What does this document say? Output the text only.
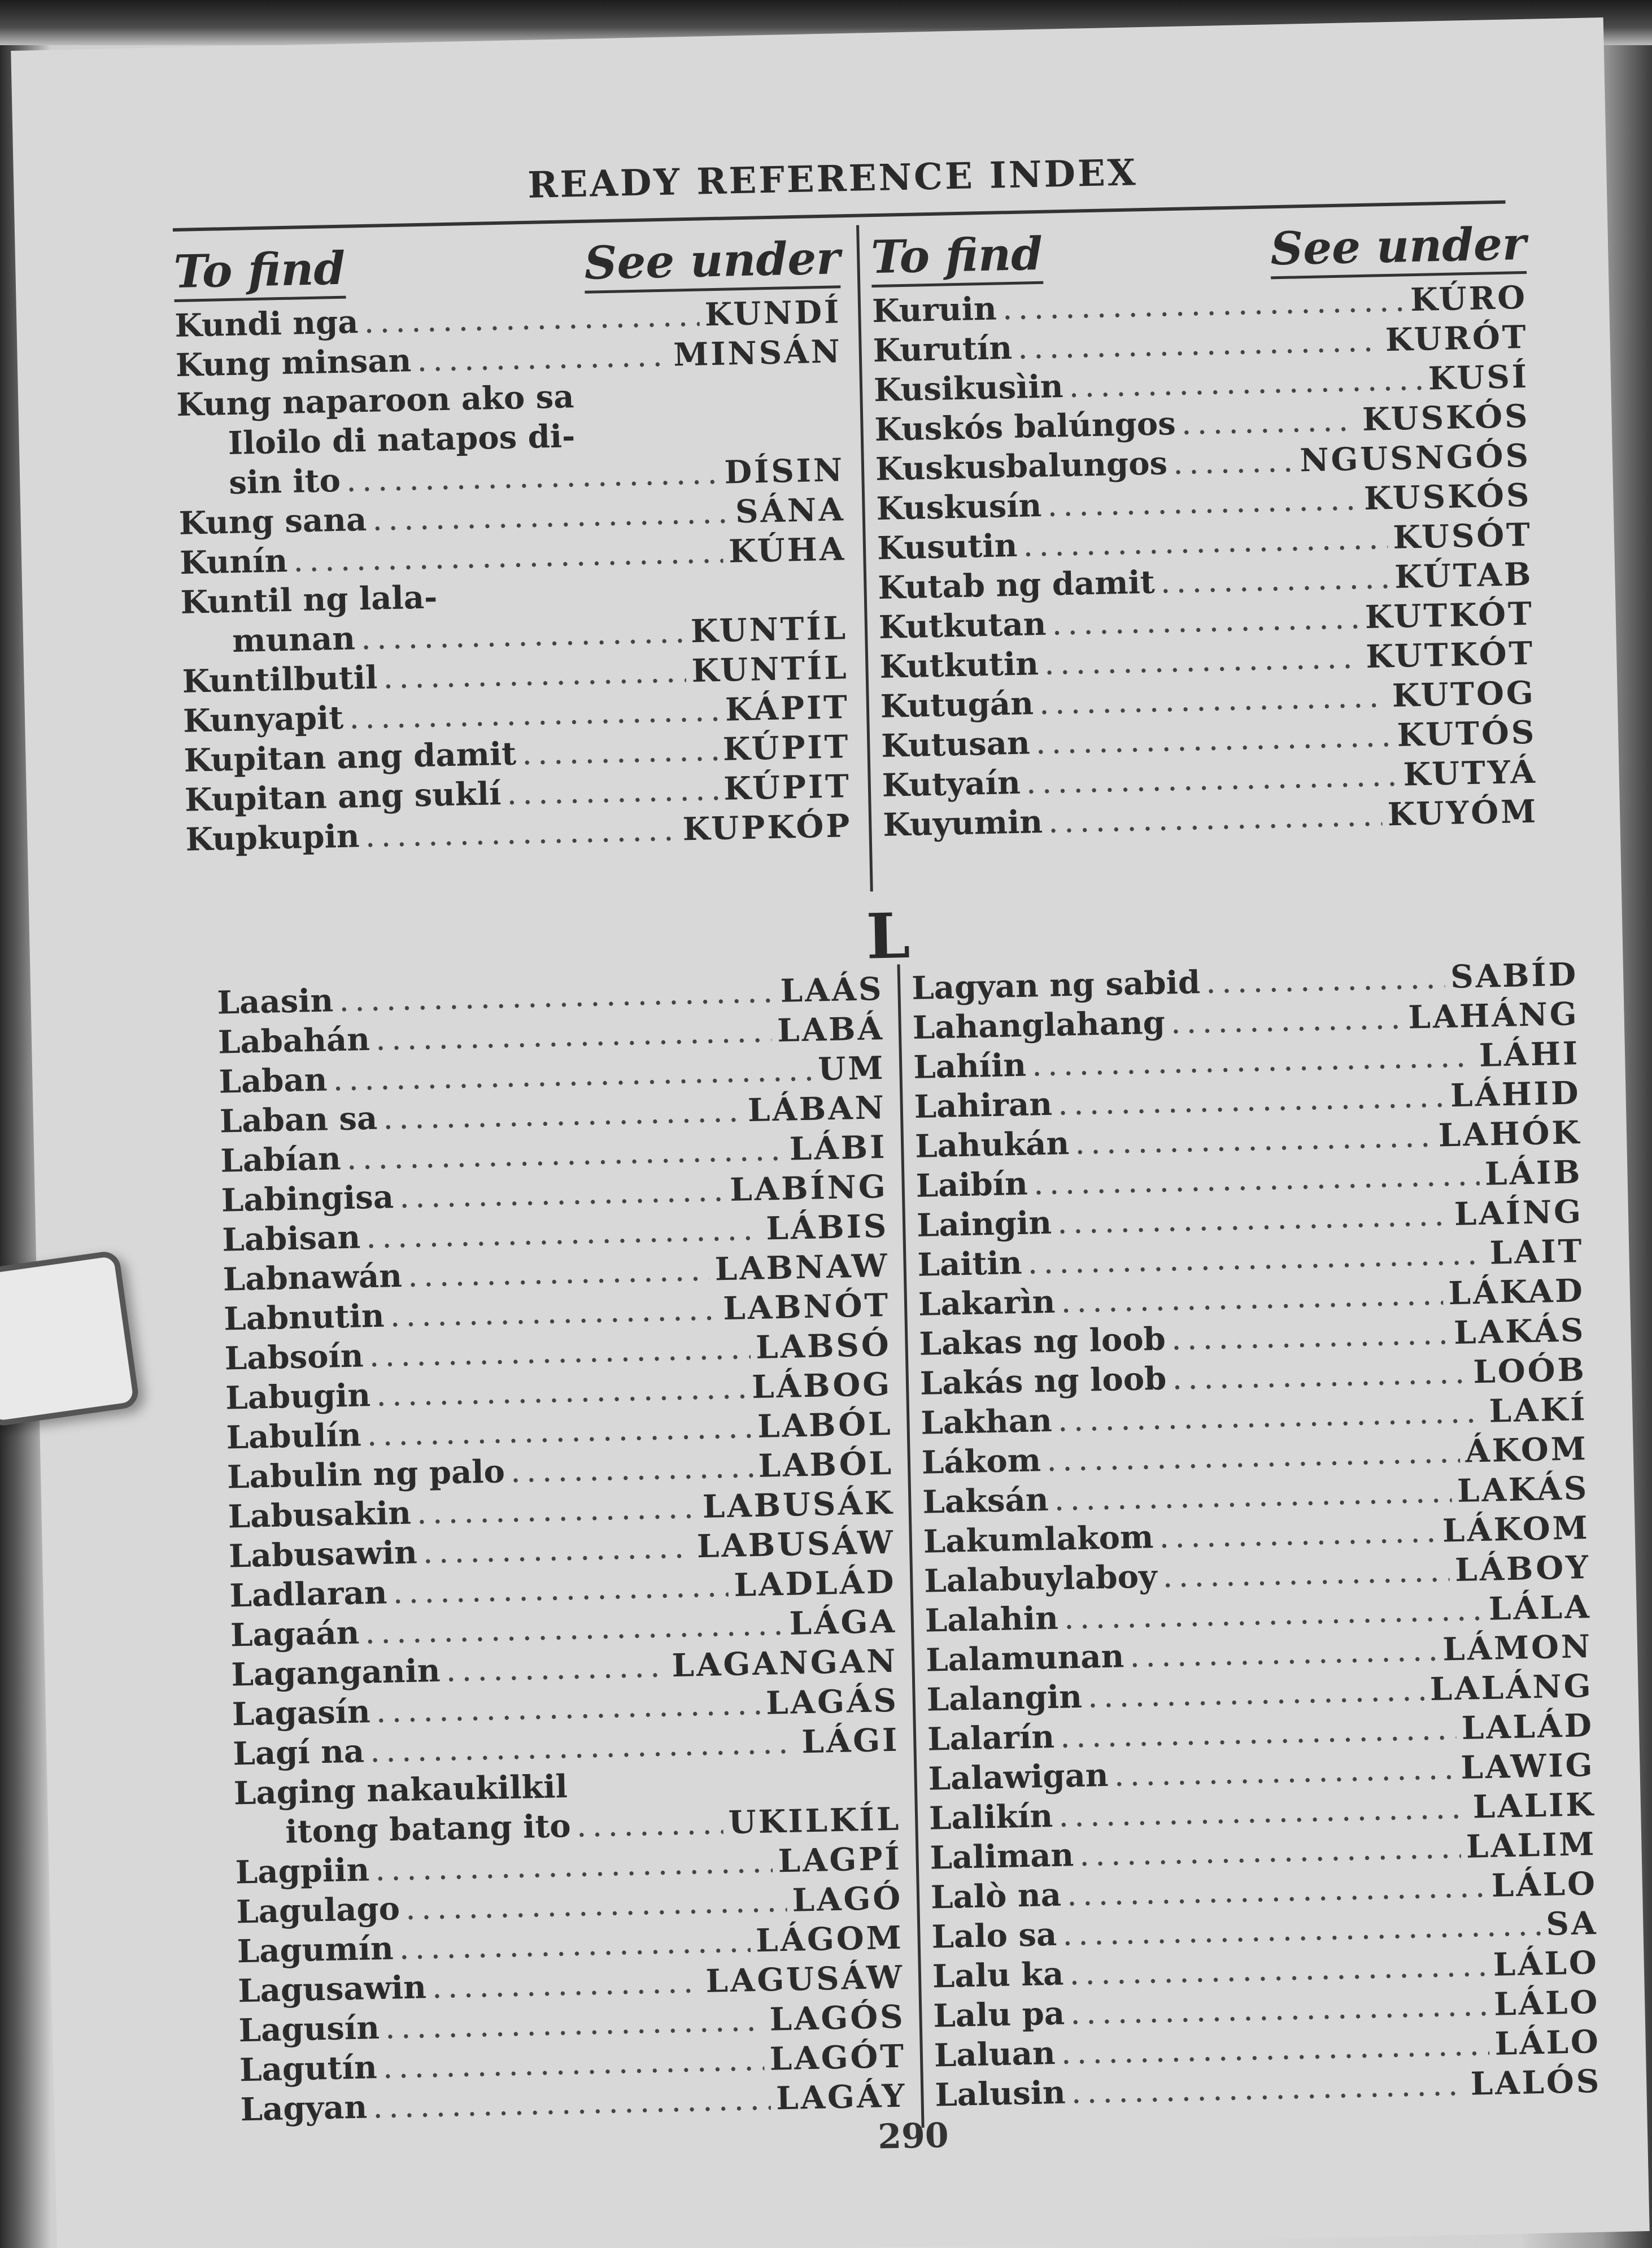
READY REFERENCE INDEX
To find	See under
Kundi nga .....	KUNDÍ
Kung minsan .....	MINSÁN
Kung naparoon ako sa
Iloilo di natapos di-
sin ito .....	DÍSIN
Kung sana .....	SÁNA
Kunín .....	KÚHA
Kuntil ng lala-
munan .....	KUNTÍL
Kuntilbutil .....	KUNTÍL
Kunyapit .....	KÁPIT
Kupitan ang damit .....	KÚPIT
Kupitan ang suklí .....	KÚPIT
Kupkupin .....	KUPKÓP
To find	See under
Kuruin .....	KÚRO
Kurutín .....	KURÓT
Kusikusìin .....	KUSÍ
Kuskós balúngos .....	KUSKÓS
Kuskusbalungos .....	NGUSNGÓS
Kuskusín .....	KUSKÓS
Kusutin .....	KUSÓT
Kutab ng damit .....	KÚTAB
Kutkutan .....	KUTKÓT
Kutkutin .....	KUTKÓT
Kutugán .....	KUTOG
Kutusan .....	KUTÓS
Kutyaín .....	KUTYÁ
Kuyumin .....	KUYÓM
L
Laasin .....	LAÁS
Labahán .....	LABÁ
Laban .....	UM
Laban sa .....	LÁBAN
Labían .....	LÁBI
Labingisa .....	LABÍNG
Labisan .....	LÁBIS
Labnawán .....	LABNAW
Labnutin .....	LABNÓT
Labsoín .....	LABSÓ
Labugin .....	LÁBOG
Labulín .....	LABÓL
Labulin ng palo .....	LABÓL
Labusakin .....	LABUSÁK
Labusawin .....	LABUSÁW
Ladlaran .....	LADLÁD
Lagaán .....	LÁGA
Laganganin .....	LAGANGAN
Lagasín .....	LAGÁS
Lagí na .....	LÁGI
Laging nakaukilkil
itong batang ito .....	UKILKÍL
Lagpiin .....	LAGPÍ
Lagulago .....	LAGÓ
Lagumín .....	LÁGOM
Lagusawin .....	LAGUSÁW
Lagusín .....	LAGÓS
Lagutín .....	LAGÓT
Lagyan .....	LAGÁY
Lagyan ng sabid .....	SABÍD
Lahanglahang .....	LAHÁNG
Lahíin .....	LÁHI
Lahiran .....	LÁHID
Lahukán .....	LAHÓK
Laibín .....	LÁIB
Laingin .....	LAÍNG
Laitin .....	LAIT
Lakarìn .....	LÁKAD
Lakas ng loob .....	LAKÁS
Lakás ng loob .....	LOÓB
Lakhan .....	LAKÍ
Lákom .....	ÁKOM
Laksán .....	LAKÁS
Lakumlakom .....	LÁKOM
Lalabuylaboy .....	LÁBOY
Lalahin .....	LÁLA
Lalamunan .....	LÁMON
Lalangin .....	LALÁNG
Lalarín .....	LALÁD
Lalawigan .....	LAWIG
Lalikín .....	LALIK
Laliman .....	LALIM
Lalò na .....	LÁLO
Lalo sa .....	SA
Lalu ka .....	LÁLO
Lalu pa .....	LÁLO
Laluan .....	LÁLO
Lalusin .....	LALÓS
290
